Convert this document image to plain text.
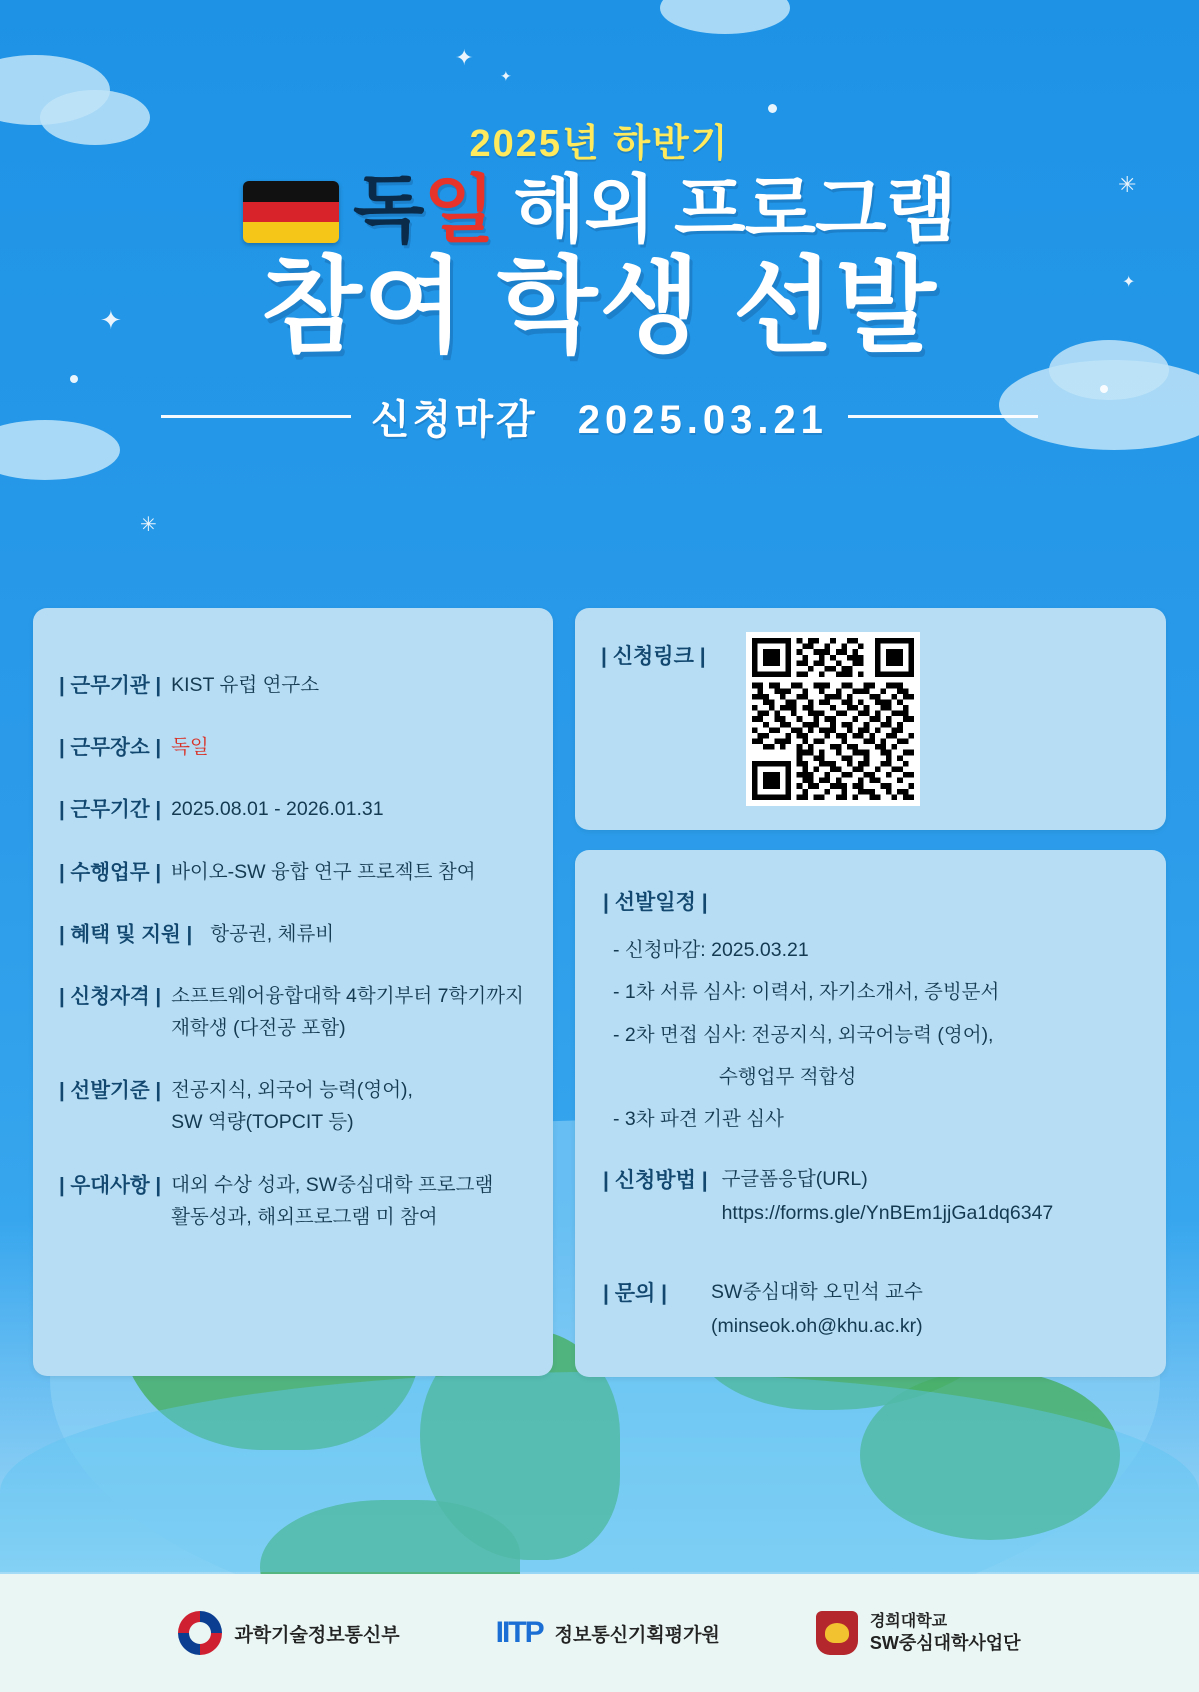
✦
✦
✳
✦
✦
✳
2025년 하반기
독일 해외 프로그램
참여 학생 선발
신청마감 2025.03.21
| 근무기관 | KIST 유럽 연구소
| 근무장소 | 독일
| 근무기간 | 2025.08.01 - 2026.01.31
| 수행업무 | 바이오-SW 융합 연구 프로젝트 참여
| 혜택 및 지원 | 항공권, 체류비
| 신청자격 | 소프트웨어융합대학 4학기부터 7학기까지
재학생 (다전공 포함)
| 선발기준 | 전공지식, 외국어 능력(영어),
SW 역량(TOPCIT 등)
| 우대사항 | 대외 수상 성과, SW중심대학 프로그램
활동성과, 해외프로그램 미 참여
| 신청링크 |
| 선발일정 |
- 신청마감: 2025.03.21
- 1차 서류 심사: 이력서, 자기소개서, 증빙문서
- 2차 면접 심사: 전공지식, 외국어능력 (영어),
수행업무 적합성
- 3차 파견 기관 심사
| 신청방법 | 구글폼응답(URL)
https://forms.gle/YnBEm1jjGa1dq6347
| 문의 | SW중심대학 오민석 교수
(minseok.oh@khu.ac.kr)
과학기술정보통신부	IITP 정보통신기획평가원
경희대학교
SW중심대학사업단
